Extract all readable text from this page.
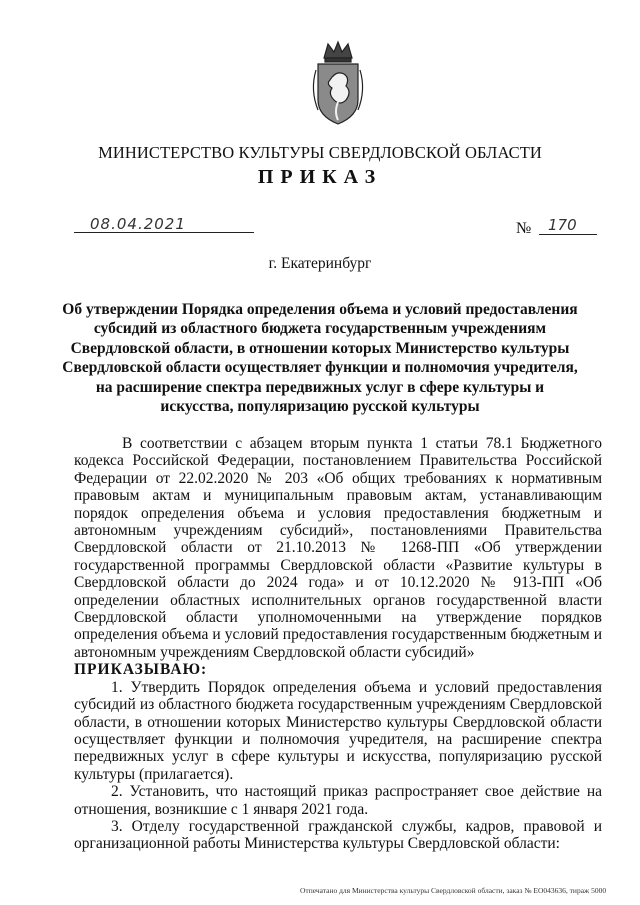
МИНИСТЕРСТВО КУЛЬТУРЫ СВЕРДЛОВСКОЙ ОБЛАСТИ
ПРИКАЗ
08.04.2021	№ 170
г. Екатеринбург
Об утверждении Порядка определения объема и условий предоставления субсидий из областного бюджета государственным учреждениям Свердловской области, в отношении которых Министерство культуры Свердловской области осуществляет функции и полномочия учредителя, на расширение спектра передвижных услуг в сфере культуры и искусства, популяризацию русской культуры

В соответствии с абзацем вторым пункта 1 статьи 78.1 Бюджетного кодекса Российской Федерации, постановлением Правительства Российской Федерации от 22.02.2020 № 203 «Об общих требованиях к нормативным правовым актам и муниципальным правовым актам, устанавливающим порядок определения объема и условия предоставления бюджетным и автономным учреждениям субсидий», постановлениями Правительства Свердловской области от 21.10.2013 № 1268-ПП «Об утверждении государственной программы Свердловской области «Развитие культуры в Свердловской области до 2024 года» и от 10.12.2020 № 913-ПП «Об определении областных исполнительных органов государственной власти Свердловской области уполномоченными на утверждение порядков определения объема и условий предоставления государственным бюджетным и автономным учреждениям Свердловской области субсидий»

ПРИКАЗЫВАЮ:

1. Утвердить Порядок определения объема и условий предоставления субсидий из областного бюджета государственным учреждениям Свердловской области, в отношении которых Министерство культуры Свердловской области осуществляет функции и полномочия учредителя, на расширение спектра передвижных услуг в сфере культуры и искусства, популяризацию русской культуры (прилагается).

2. Установить, что настоящий приказ распространяет свое действие на отношения, возникшие с 1 января 2021 года.

3. Отделу государственной гражданской службы, кадров, правовой и организационной работы Министерства культуры Свердловской области:

Отпечатано для Министерства культуры Свердловской области, заказ № ЕО043636, тираж 5000
